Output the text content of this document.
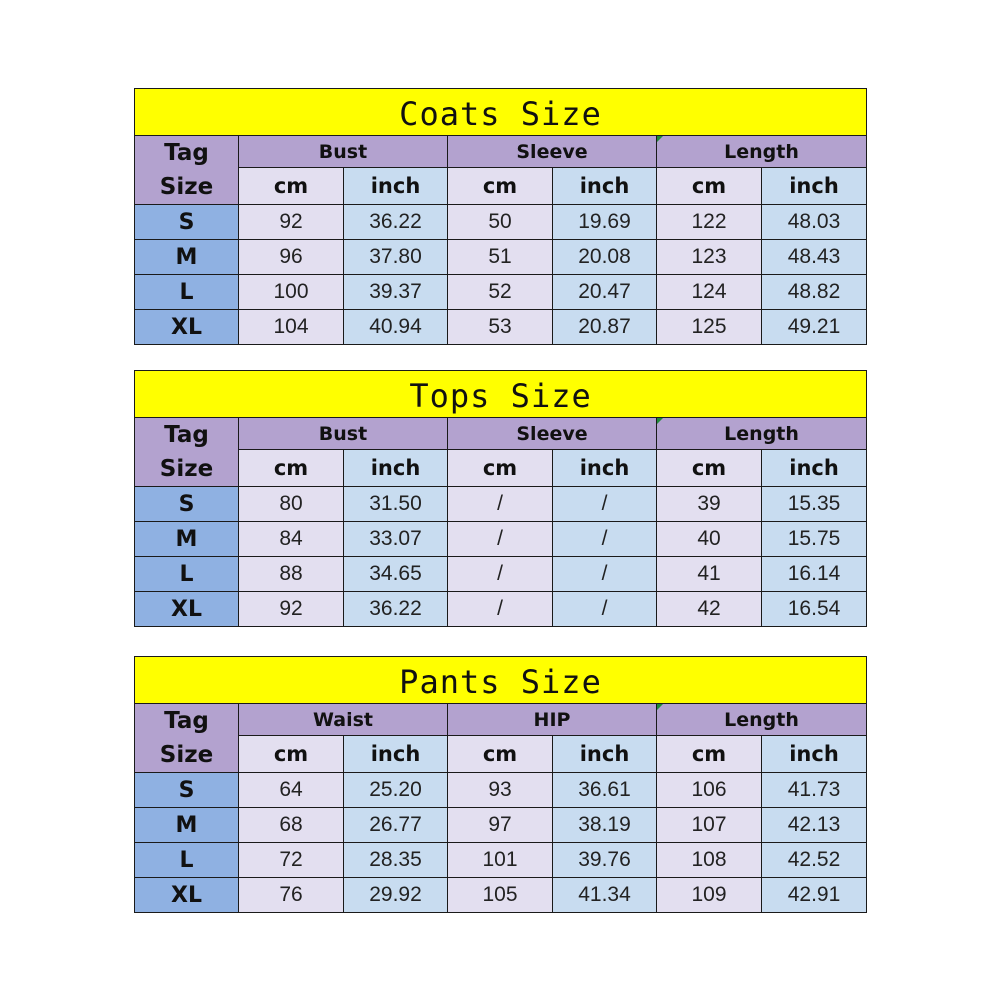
Coats Size						

Tag
Size	Bust		Sleeve		Length	
	cm	inch	cm	inch	cm	inch
S	92	36.22	50	19.69	122	48.03
M	96	37.80	51	20.08	123	48.43
L	100	39.37	52	20.47	124	48.82
XL	104	40.94	53	20.87	125	49.21
Tops Size						

Tag
Size	Bust		Sleeve		Length	
	cm	inch	cm	inch	cm	inch
S	80	31.50	/	/	39	15.35
M	84	33.07	/	/	40	15.75
L	88	34.65	/	/	41	16.14
XL	92	36.22	/	/	42	16.54
Pants Size						

Tag
Size	Waist		HIP		Length	
	cm	inch	cm	inch	cm	inch
S	64	25.20	93	36.61	106	41.73
M	68	26.77	97	38.19	107	42.13
L	72	28.35	101	39.76	108	42.52
XL	76	29.92	105	41.34	109	42.91
